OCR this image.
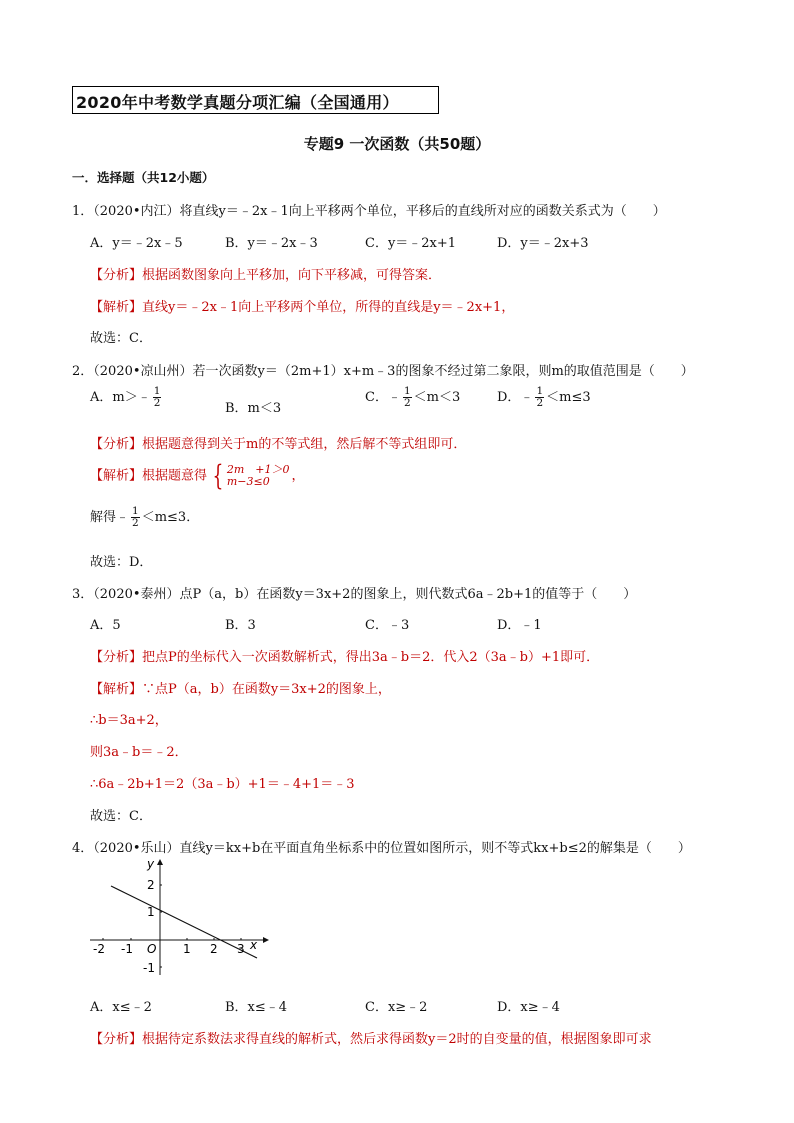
2020年中考数学真题分项汇编（全国通用）
专题9 一次函数（共50题）
一．选择题（共12小题）
1．（2020•内江）将直线y＝﹣2x﹣1向上平移两个单位，平移后的直线所对应的函数关系式为（　　）
A．y＝﹣2x﹣5	B．y＝﹣2x﹣3	C．y＝﹣2x+1	D．y＝﹣2x+3
【分析】根据函数图象向上平移加，向下平移减，可得答案．
【解析】直线y＝﹣2x﹣1向上平移两个单位，所得的直线是y＝﹣2x+1，
故选：C．
2．（2020•凉山州）若一次函数y＝（2m+1）x+m﹣3的图象不经过第二象限，则m的取值范围是（　　）
A．m＞﹣ $\frac{1}{2}$	B．m＜3
C．﹣ $\frac{1}{2} <m<3$	D．﹣ $\frac{1}{2} <m\le 3$
【分析】根据题意得到关于m的不等式组，然后解不等式组即可．
【解析】根据题意得 { 2m　+1＞0
m−3≤0	，
解得﹣ $\frac{1}{2} <m\le 3$．
故选：D．
3．（2020•泰州）点P（a，b）在函数y＝3x+2的图象上，则代数式6a﹣2b+1的值等于（　　）
A．5	B．3	C．﹣3	D．﹣1
【分析】把点P的坐标代入一次函数解析式，得出3a﹣b＝2．代入2（3a﹣b）+1即可．
【解析】∵点P（a，b）在函数y＝3x+2的图象上，
∴b＝3a+2，
则3a﹣b＝﹣2．
∴6a﹣2b+1＝2（3a﹣b）+1＝﹣4+1＝﹣3
故选：C．
4．（2020•乐山）直线y＝kx+b在平面直角坐标系中的位置如图所示，则不等式kx+b≤2的解集是（　　）
-2 -1 O 1 2 3 x
2
1
-1
y
A．x≤﹣2	B．x≤﹣4	C．x≥﹣2	D．x≥﹣4
【分析】根据待定系数法求得直线的解析式，然后求得函数y＝2时的自变量的值，根据图象即可求
